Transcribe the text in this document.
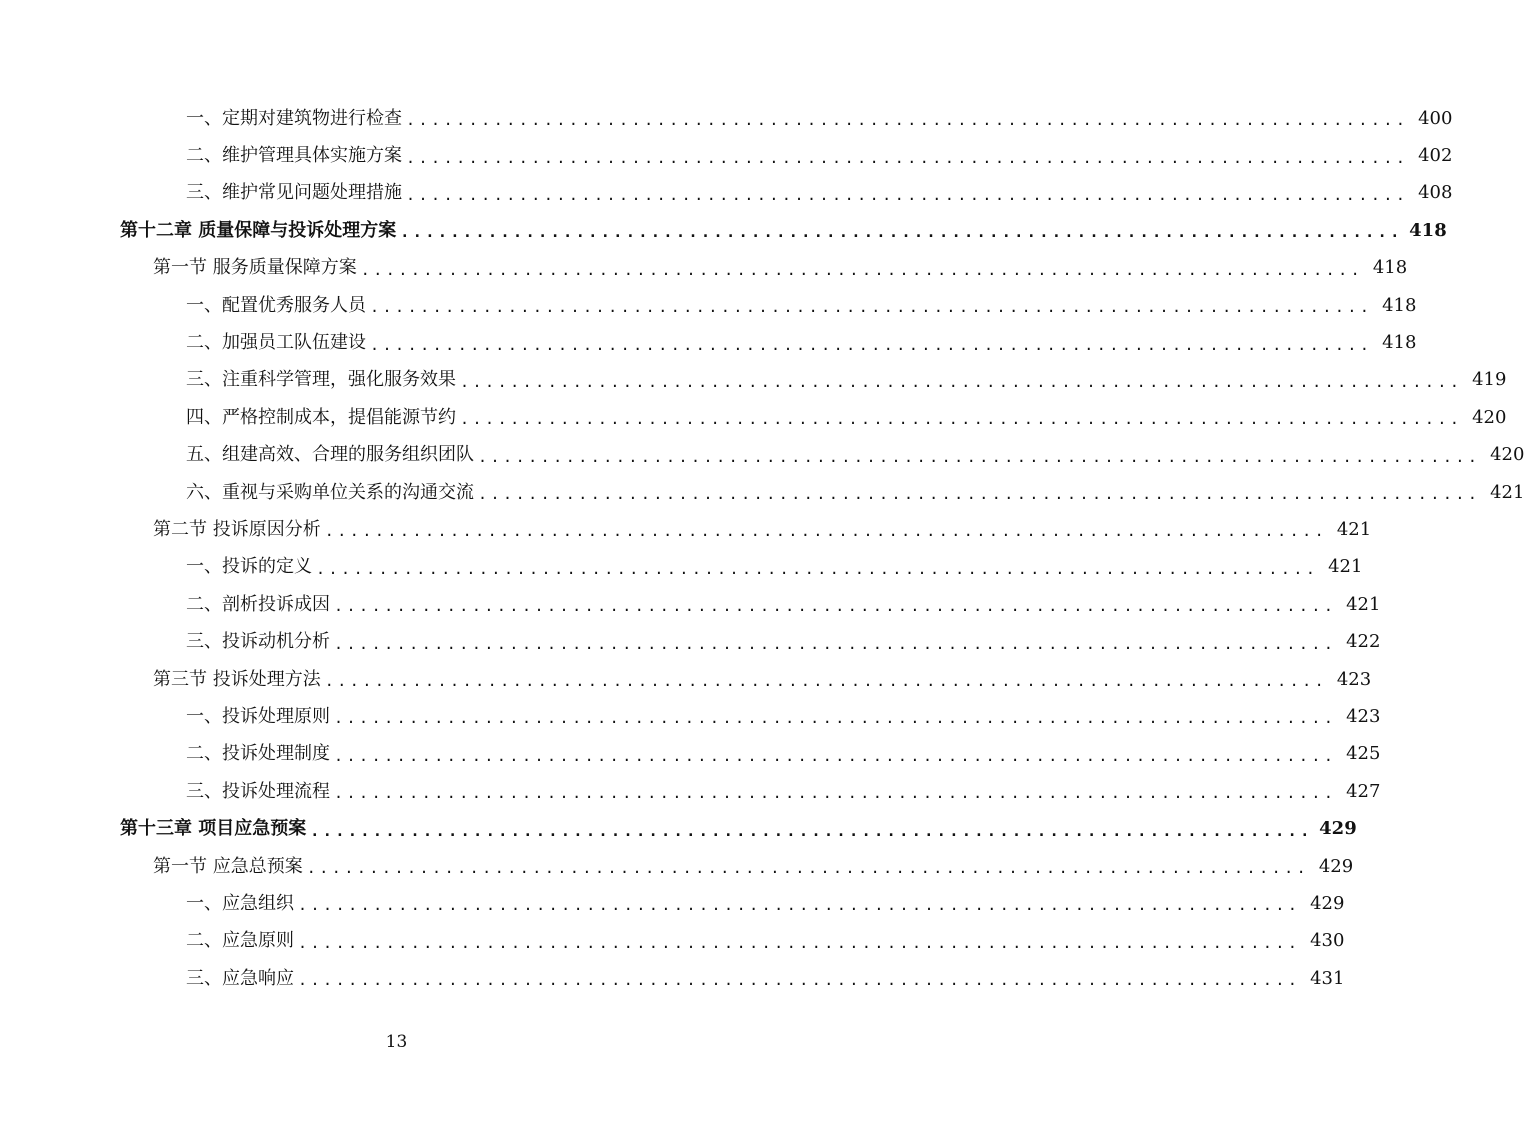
一、定期对建筑物进行检查 ................................................................................ 400
二、维护管理具体实施方案 ................................................................................ 402
三、维护常见问题处理措施 ................................................................................ 408
第十二章 质量保障与投诉处理方案 ................................................................................ 418
第一节 服务质量保障方案 ................................................................................ 418
一、配置优秀服务人员 ................................................................................ 418
二、加强员工队伍建设 ................................................................................ 418
三、注重科学管理，强化服务效果 ................................................................................ 419
四、严格控制成本，提倡能源节约 ................................................................................ 420
五、组建高效、合理的服务组织团队 ................................................................................ 420
六、重视与采购单位关系的沟通交流 ................................................................................ 421
第二节 投诉原因分析 ................................................................................ 421
一、投诉的定义 ................................................................................ 421
二、剖析投诉成因 ................................................................................ 421
三、投诉动机分析 ................................................................................ 422
第三节 投诉处理方法 ................................................................................ 423
一、投诉处理原则 ................................................................................ 423
二、投诉处理制度 ................................................................................ 425
三、投诉处理流程 ................................................................................ 427
第十三章 项目应急预案 ................................................................................ 429
第一节 应急总预案 ................................................................................ 429
一、应急组织 ................................................................................ 429
二、应急原则 ................................................................................ 430
三、应急响应 ................................................................................ 431
13
